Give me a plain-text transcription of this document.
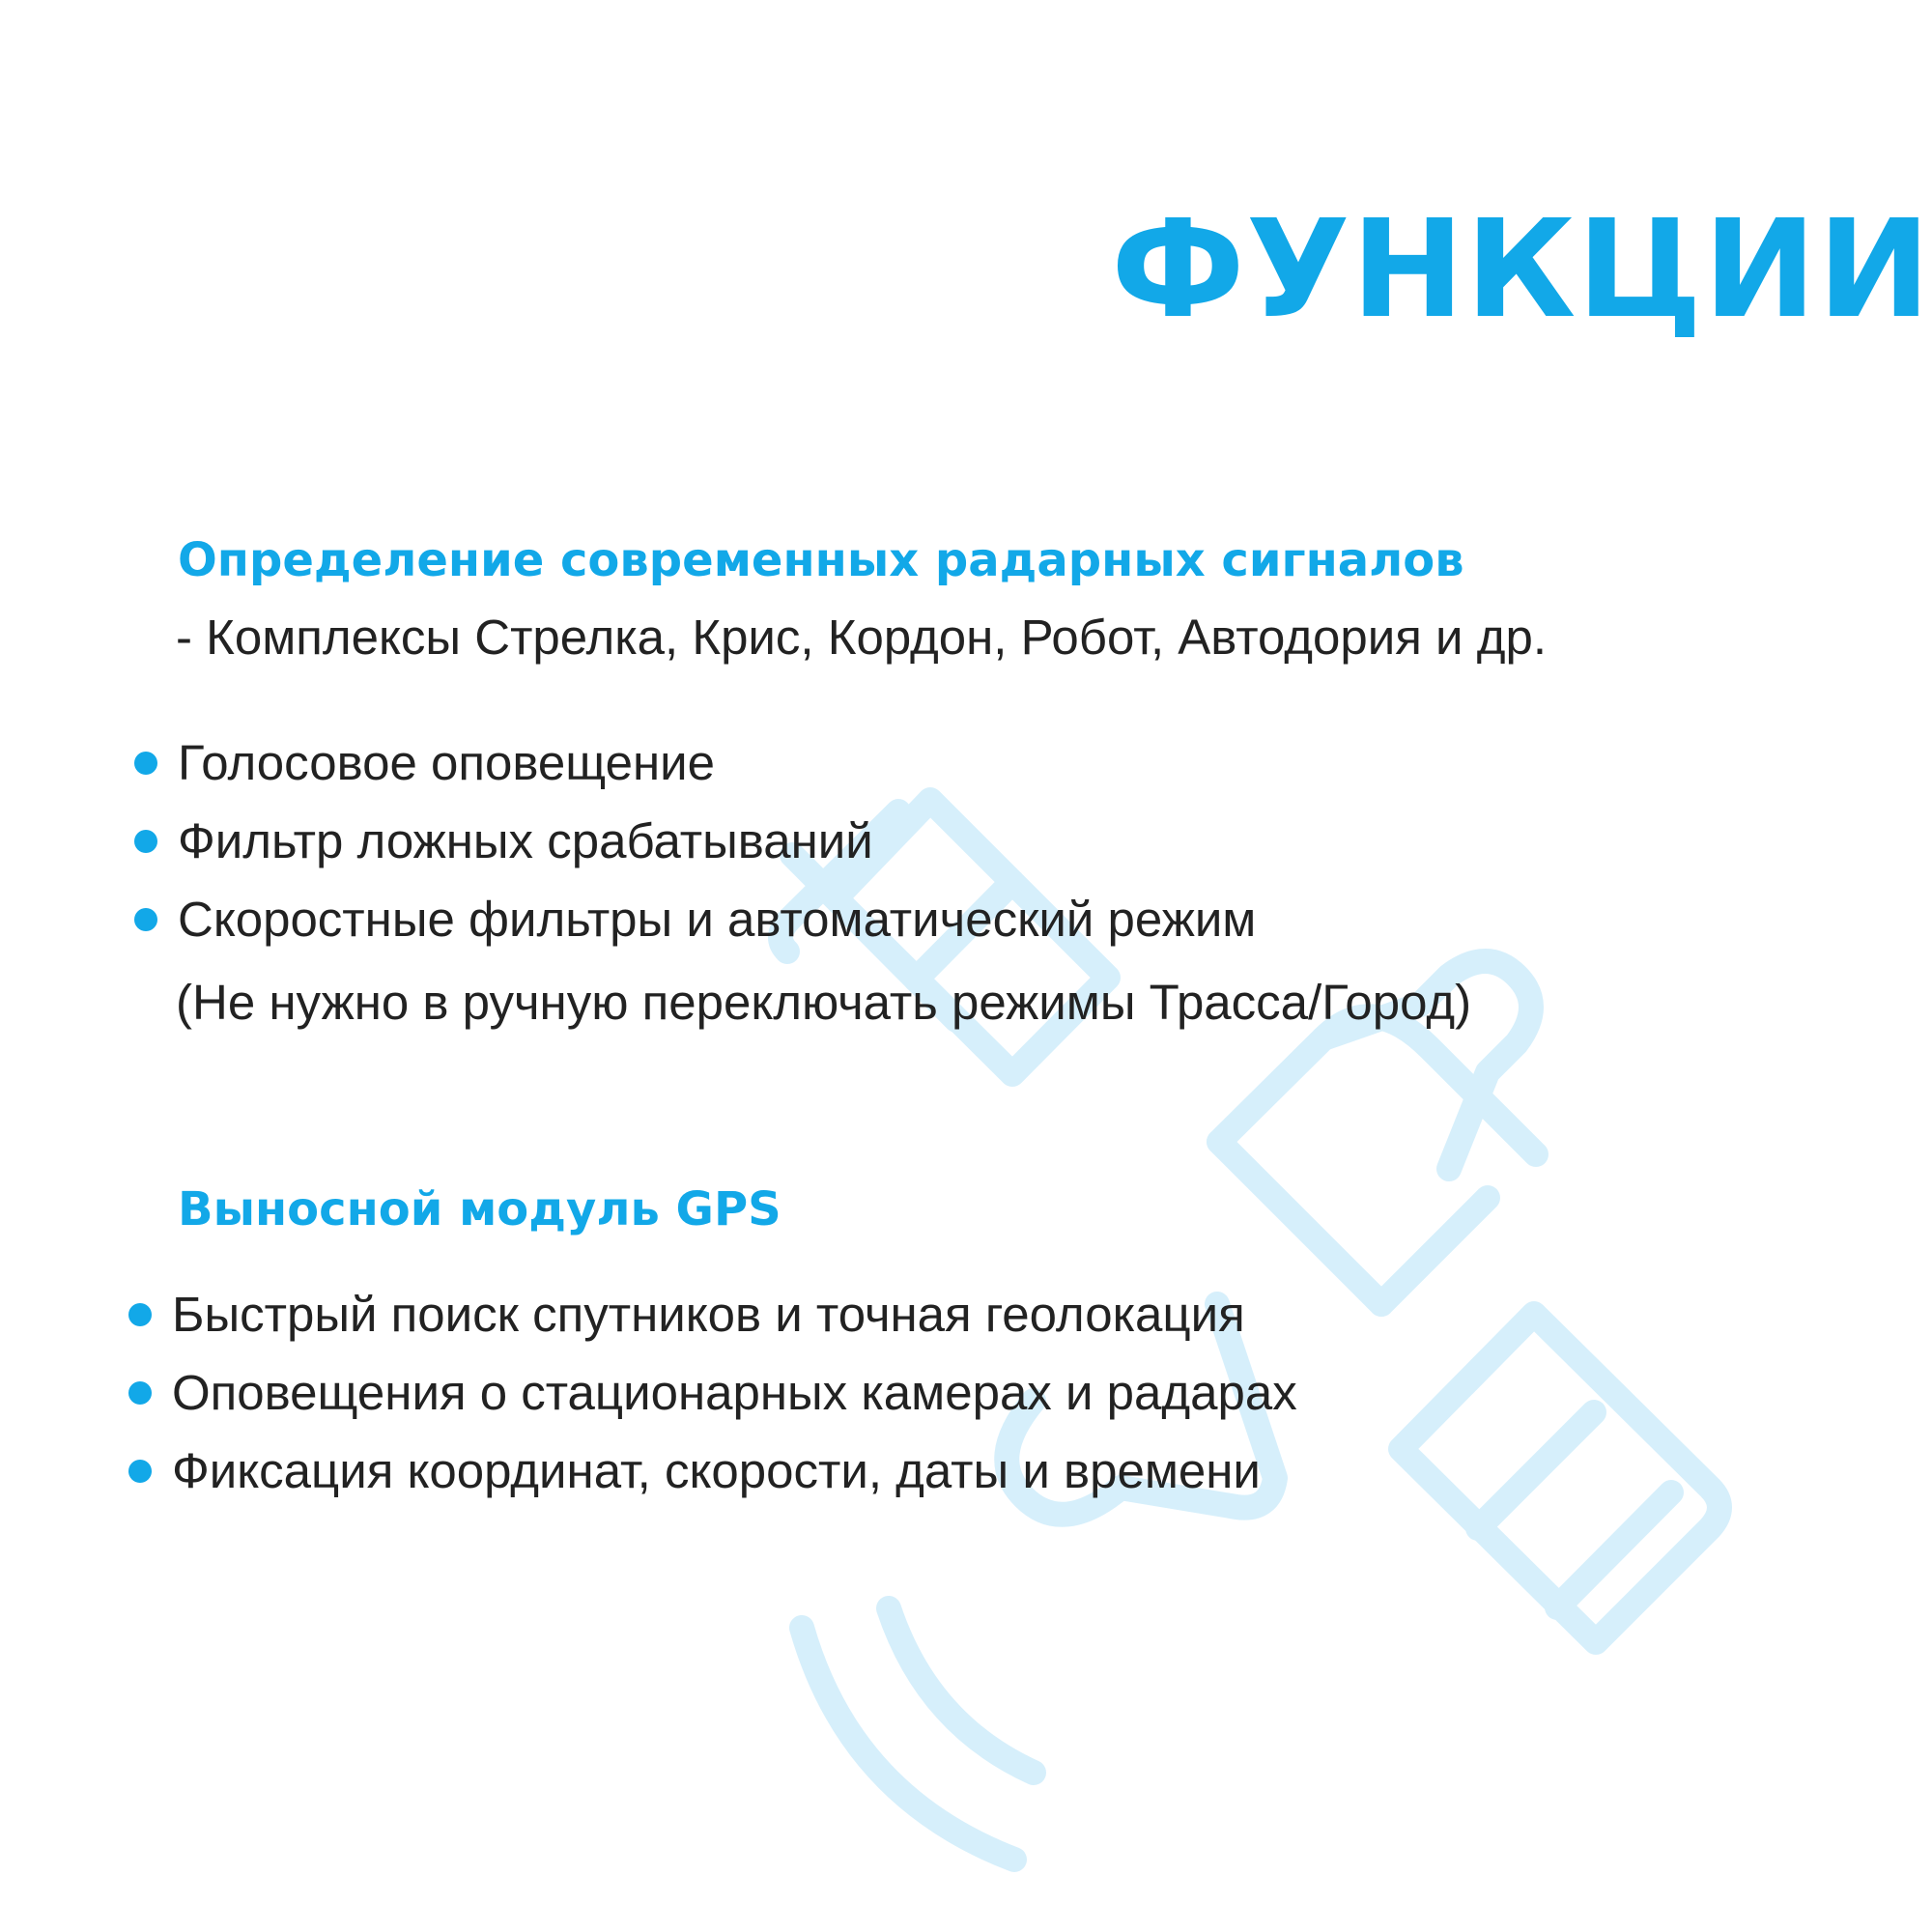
ФУНКЦИИ
Определение современных радарных сигналов

- Комплексы Стрелка, Крис, Кордон, Робот, Автодория и др.

Голосовое оповещение
Фильтр ложных срабатываний
Скоростные фильтры и автоматический режим

(Не нужно в ручную переключать режимы Трасса/Город)

Выносной модуль GPS
Быстрый поиск спутников и точная геолокация
Оповещения о стационарных камерах и радарах
Фиксация координат, скорости, даты и времени
